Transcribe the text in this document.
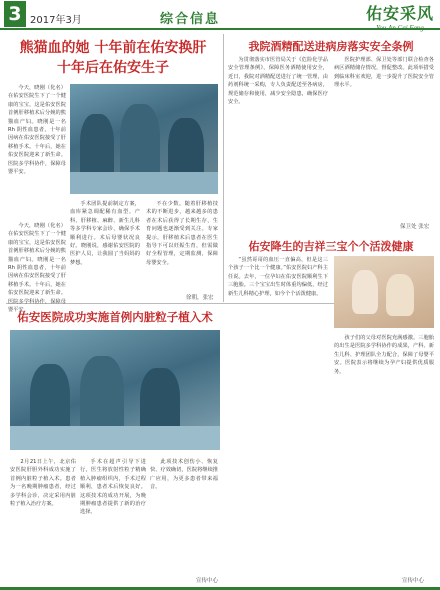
3 2017年3月	综合信息	佑安采风
You An Cai Feng
熊猫血的她 十年前在佑安换肝
十年后在佑安生子

今天，晓刚（化名）在佑安医院生下了一个健康的宝宝，这是佑安医院首例肝移植术后分娩的熊猫血产妇。晓刚是一名 Rh 阴性血患者，十年前因病在佑安医院接受了肝移植手术。十年后，她在佑安医院迎来了新生命。医院多学科协作，保障母婴平安。

手术团队提前制定方案，血库紧急调配稀有血型。产科、肝移植、麻醉、新生儿科等多学科专家会诊，确保手术顺利进行。术后母婴状况良好。晓刚说，感谢佑安医院的医护人员，让我圆了当妈妈的梦想。

不在少数。随着肝移植技术的不断进步，越来越多的患者在术后获得了长期生存，生育问题也逐渐受到关注。专家提示，肝移植术后患者在医生指导下可以妊娠生育，但需做好全程管理，定期监测，保障母婴安全。

今天，晓刚（化名）在佑安医院生下了一个健康的宝宝，这是佑安医院首例肝移植术后分娩的熊猫血产妇。晓刚是一名 Rh 阴性血患者，十年前因病在佑安医院接受了肝移植手术。十年后，她在佑安医院迎来了新生命。医院多学科协作，保障母婴平安。

徐朝，张宏
我院酒精配送进病房落实安全条例

为贯彻落实市医管局关于《危险化学品安全管理条例》，保障医务酒精使用安全，近日，我院对酒精配送进行了统一管理，由药剂科统一采购，专人负责配送至各病房，规范储存和使用，减少安全隐患，确保医疗安全。

医院护理部、保卫处等部门联合检查各病区酒精储存情况，督促整改。此项举措受到临床科室欢迎，进一步提升了医院安全管理水平。

保卫处 张宏
佑安降生的吉祥三宝个个活泼健康

“虽然哥哥的血压一直偏高，但是这三个孩子一个比一个健康。”佑安医院妇产科主任说。去年，一位孕妇在佑安医院顺利生下三胞胎。三个宝宝出生时体重均偏低，经过新生儿科精心护理，如今个个活泼健康。

孩子们的父母对医院充满感激。三胞胎的出生是医院多学科协作的成果，产科、新生儿科、护理团队全力配合，保障了母婴平安。医院表示将继续为孕产妇提供优质服务。

宣传中心
佑安医院成功实施首例内脏粒子植入术

2月21日上午，北京佑安医院肝胆外科成功实施了首例内脏粒子植入术。患者为一名晚期肿瘤患者，经过多学科会诊，决定采用内脏粒子植入治疗方案。

手术在超声引导下进行，医生将放射性粒子精确植入肿瘤组织内，手术过程顺利，患者术后恢复良好。这项技术的成功开展，为晚期肿瘤患者提供了新的治疗选择。

此项技术创伤小、恢复快、疗效确切，医院将继续推广应用，为更多患者带来福音。

宣传中心
